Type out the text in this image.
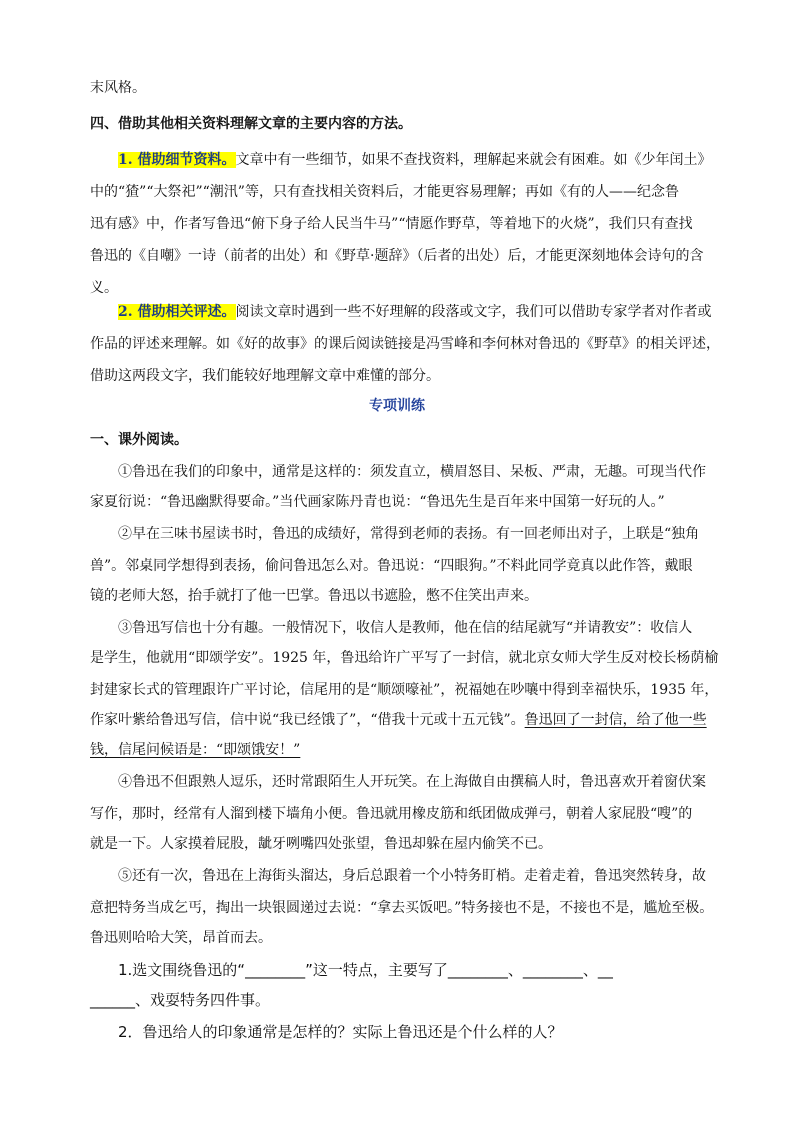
末风格。
四、借助其他相关资料理解文章的主要内容的方法。
1. 借助细节资料。文章中有一些细节，如果不查找资料，理解起来就会有困难。如《少年闰土》
中的“猹”“大祭祀”“潮汛”等，只有查找相关资料后，才能更容易理解；再如《有的人——纪念鲁
迅有感》中，作者写鲁迅“俯下身子给人民当牛马”“情愿作野草，等着地下的火烧”，我们只有查找
鲁迅的《自嘲》一诗（前者的出处）和《野草·题辞》（后者的出处）后，才能更深刻地体会诗句的含
义。
2. 借助相关评述。阅读文章时遇到一些不好理解的段落或文字，我们可以借助专家学者对作者或
作品的评述来理解。如《好的故事》的课后阅读链接是冯雪峰和李何林对鲁迅的《野草》的相关评述，
借助这两段文字，我们能较好地理解文章中难懂的部分。
专项训练
一、课外阅读。
①鲁迅在我们的印象中，通常是这样的：须发直立，横眉怒目、呆板、严肃，无趣。可现当代作
家夏衍说：“鲁迅幽默得要命。”当代画家陈丹青也说：“鲁迅先生是百年来中国第一好玩的人。”
②早在三味书屋读书时，鲁迅的成绩好，常得到老师的表扬。有一回老师出对子，上联是“独角
兽”。邻桌同学想得到表扬，偷问鲁迅怎么对。鲁迅说：“四眼狗。”不料此同学竟真以此作答，戴眼
镜的老师大怒，抬手就打了他一巴掌。鲁迅以书遮脸，憋不住笑出声来。
③鲁迅写信也十分有趣。一般情况下，收信人是教师，他在信的结尾就写“并请教安”：收信人
是学生，他就用“即颂学安”。1925 年，鲁迅给许广平写了一封信，就北京女师大学生反对校长杨荫榆
封建家长式的管理跟许广平讨论，信尾用的是“顺颂嚎祉”，祝福她在吵嚷中得到幸福快乐，1935 年，
作家叶紫给鲁迅写信，信中说“我已经饿了”，“借我十元或十五元钱”。鲁迅回了一封信，给了他一些
钱，信尾问候语是：“即颂饿安！”
④鲁迅不但跟熟人逗乐，还时常跟陌生人开玩笑。在上海做自由撰稿人时，鲁迅喜欢开着窗伏案
写作，那时，经常有人溜到楼下墙角小便。鲁迅就用橡皮筋和纸团做成弹弓，朝着人家屁股“嗖”的
就是一下。人家摸着屁股，龇牙咧嘴四处张望，鲁迅却躲在屋内偷笑不已。
⑤还有一次，鲁迅在上海街头溜达，身后总跟着一个小特务盯梢。走着走着，鲁迅突然转身，故
意把特务当成乞丐，掏出一块银圆递过去说：“拿去买饭吧。”特务接也不是，不接也不是，尴尬至极。
鲁迅则哈哈大笑，昂首而去。
1.选文围绕鲁迅的“________”这一特点，主要写了________、________、__
______、戏耍特务四件事。
2．鲁迅给人的印象通常是怎样的？实际上鲁迅还是个什么样的人？
